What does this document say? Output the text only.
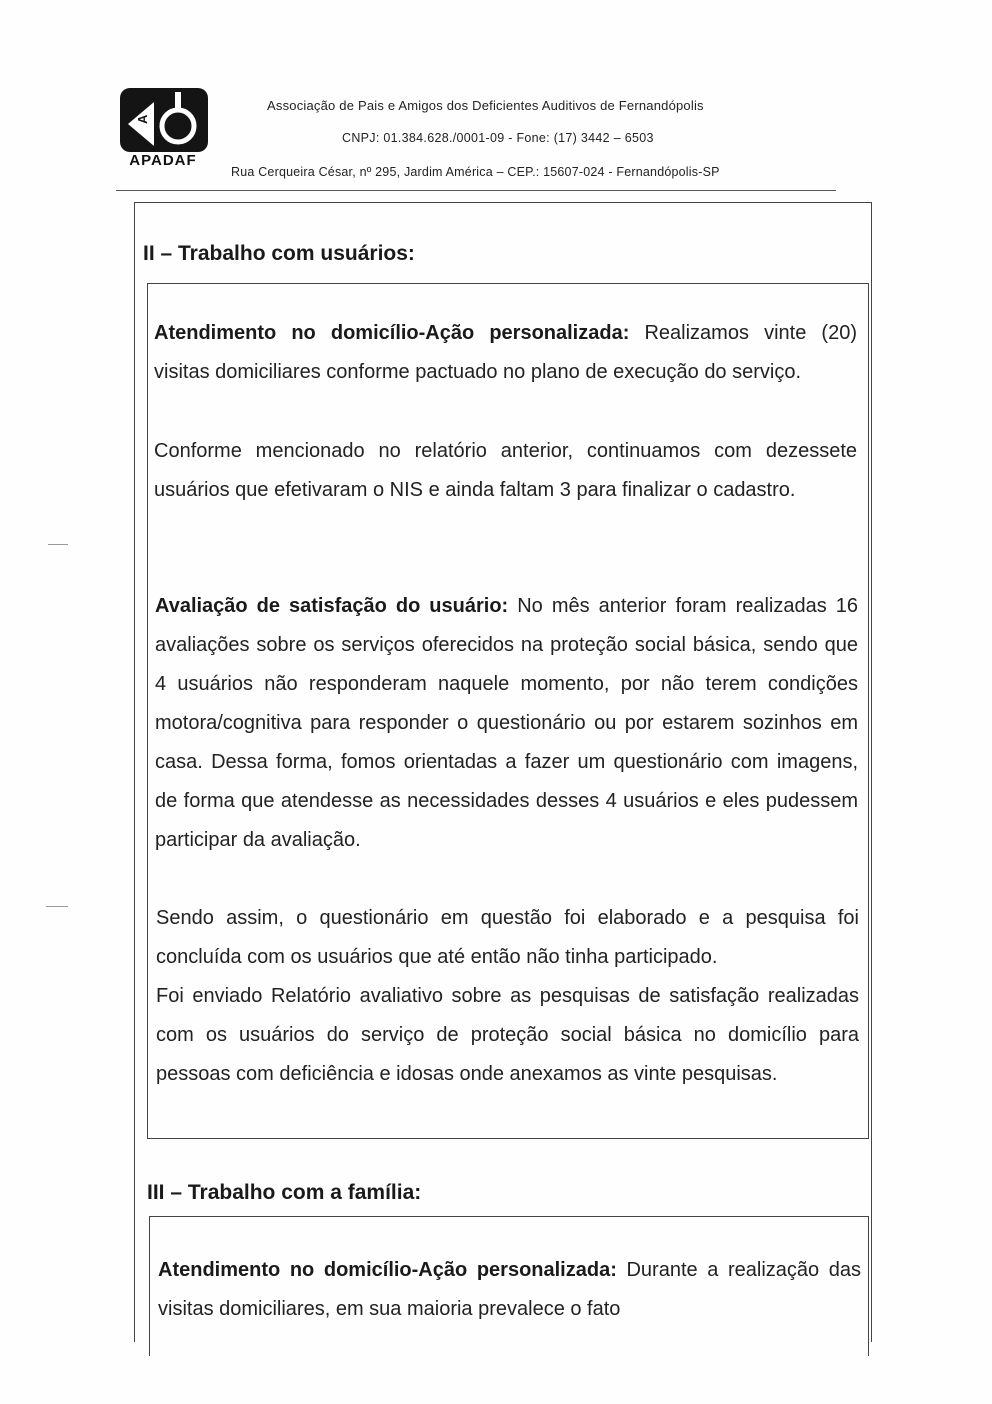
A
APADAF
Associação de Pais e Amigos dos Deficientes Auditivos de Fernandópolis
CNPJ: 01.384.628./0001-09 - Fone: (17) 3442 – 6503
Rua Cerqueira César, nº 295, Jardim América – CEP.: 15607-024 - Fernandópolis-SP
II – Trabalho com usuários:
Atendimento no domicílio-Ação personalizada: Realizamos vinte (20) visitas domiciliares conforme pactuado no plano de execução do serviço.
Conforme mencionado no relatório anterior, continuamos com dezessete usuários que efetivaram o NIS e ainda faltam 3 para finalizar o cadastro.
Avaliação de satisfação do usuário: No mês anterior foram realizadas 16 avaliações sobre os serviços oferecidos na proteção social básica, sendo que 4 usuários não responderam naquele momento, por não terem condições motora/cognitiva para responder o questionário ou por estarem sozinhos em casa. Dessa forma, fomos orientadas a fazer um questionário com imagens, de forma que atendesse as necessidades desses 4 usuários e eles pudessem participar da avaliação.
Sendo assim, o questionário em questão foi elaborado e a pesquisa foi concluída com os usuários que até então não tinha participado.
Foi enviado Relatório avaliativo sobre as pesquisas de satisfação realizadas com os usuários do serviço de proteção social básica no domicílio para pessoas com deficiência e idosas onde anexamos as vinte pesquisas.
III – Trabalho com a família:
Atendimento no domicílio-Ação personalizada: Durante a realização das visitas domiciliares, em sua maioria prevalece o fato
